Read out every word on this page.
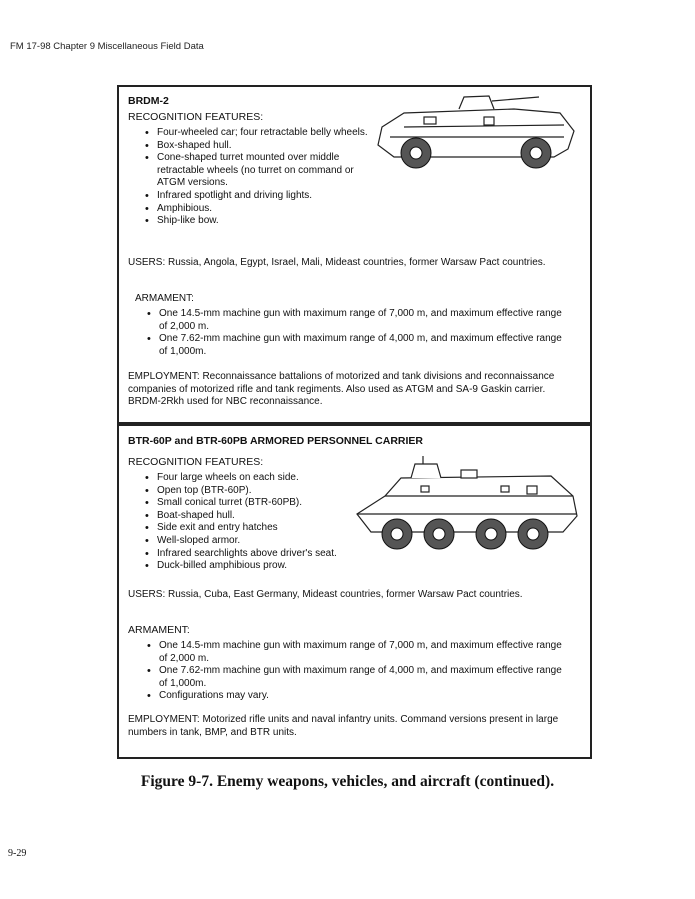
FM 17-98 Chapter 9 Miscellaneous Field Data
BRDM-2
RECOGNITION FEATURES:
• Four-wheeled car; four retractable belly wheels.
• Box-shaped hull.
• Cone-shaped turret mounted over middle retractable wheels (no turret on command or ATGM versions.
• Infrared spotlight and driving lights.
• Amphibious.
• Ship-like bow.
USERS: Russia, Angola, Egypt, Israel, Mali, Mideast countries, former Warsaw Pact countries.
ARMAMENT:
• One 14.5-mm machine gun with maximum range of 7,000 m, and maximum effective range of 2,000 m.
• One 7.62-mm machine gun with maximum range of 4,000 m, and maximum effective range of 1,000m.
EMPLOYMENT: Reconnaissance battalions of motorized and tank divisions and reconnaissance companies of motorized rifle and tank regiments. Also used as ATGM and SA-9 Gaskin carrier. BRDM-2Rkh used for NBC reconnaissance.
BTR-60P and BTR-60PB ARMORED PERSONNEL CARRIER
RECOGNITION FEATURES:
• Four large wheels on each side.
• Open top (BTR-60P).
• Small conical turret (BTR-60PB).
• Boat-shaped hull.
• Side exit and entry hatches
• Well-sloped armor.
• Infrared searchlights above driver's seat.
• Duck-billed amphibious prow.
USERS: Russia, Cuba, East Germany, Mideast countries, former Warsaw Pact countries.
ARMAMENT:
• One 14.5-mm machine gun with maximum range of 7,000 m, and maximum effective range of 2,000 m.
• One 7.62-mm machine gun with maximum range of 4,000 m, and maximum effective range of 1,000m.
• Configurations may vary.
EMPLOYMENT: Motorized rifle units and naval infantry units. Command versions present in large numbers in tank, BMP, and BTR units.
Figure 9-7. Enemy weapons, vehicles, and aircraft (continued).
9-29
